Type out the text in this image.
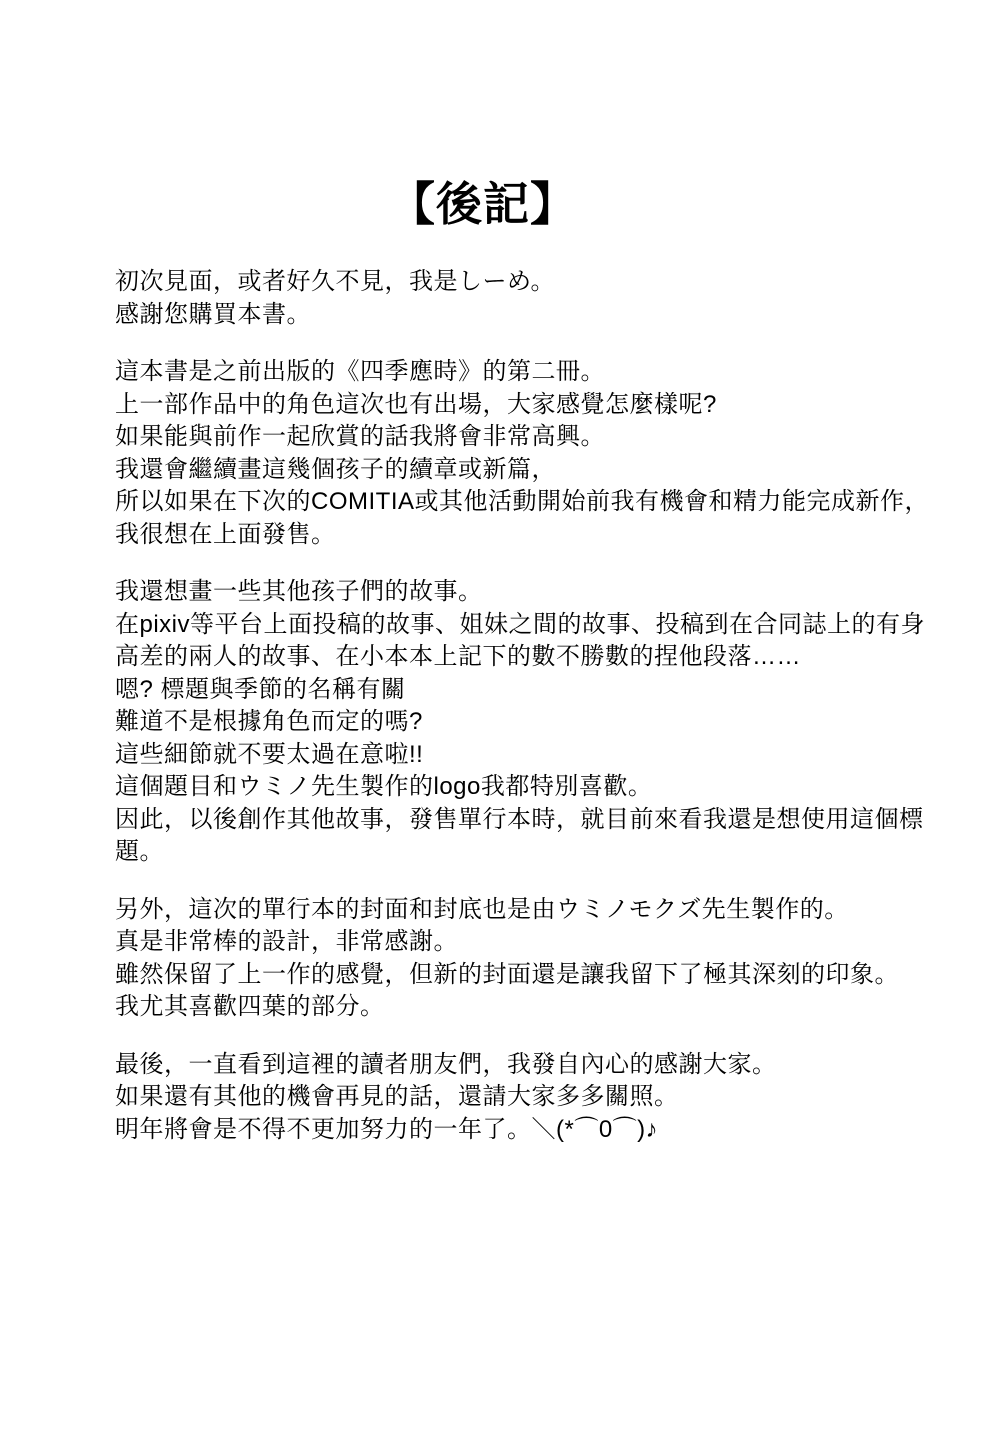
【後記】

初次見面，或者好久不見，我是しーめ。
感謝您購買本書。

這本書是之前出版的《四季應時》的第二冊。
上一部作品中的角色這次也有出場，大家感覺怎麼樣呢?
如果能與前作一起欣賞的話我將會非常高興。
我還會繼續畫這幾個孩子的續章或新篇，
所以如果在下次的COMITIA或其他活動開始前我有機會和精力能完成新作，
我很想在上面發售。

我還想畫一些其他孩子們的故事。
在pixiv等平台上面投稿的故事、姐妹之間的故事、投稿到在合同誌上的有身
高差的兩人的故事、在小本本上記下的數不勝數的捏他段落……
嗯? 標題與季節的名稱有關
難道不是根據角色而定的嗎?
這些細節就不要太過在意啦!!
這個題目和ウミノ先生製作的logo我都特別喜歡。
因此，以後創作其他故事，發售單行本時，就目前來看我還是想使用這個標
題。

另外，這次的單行本的封面和封底也是由ウミノモクズ先生製作的。
真是非常棒的設計，非常感謝。
雖然保留了上一作的感覺，但新的封面還是讓我留下了極其深刻的印象。
我尤其喜歡四葉的部分。

最後，一直看到這裡的讀者朋友們，我發自內心的感謝大家。
如果還有其他的機會再見的話，還請大家多多關照。
明年將會是不得不更加努力的一年了。＼(*⌒0⌒)♪
